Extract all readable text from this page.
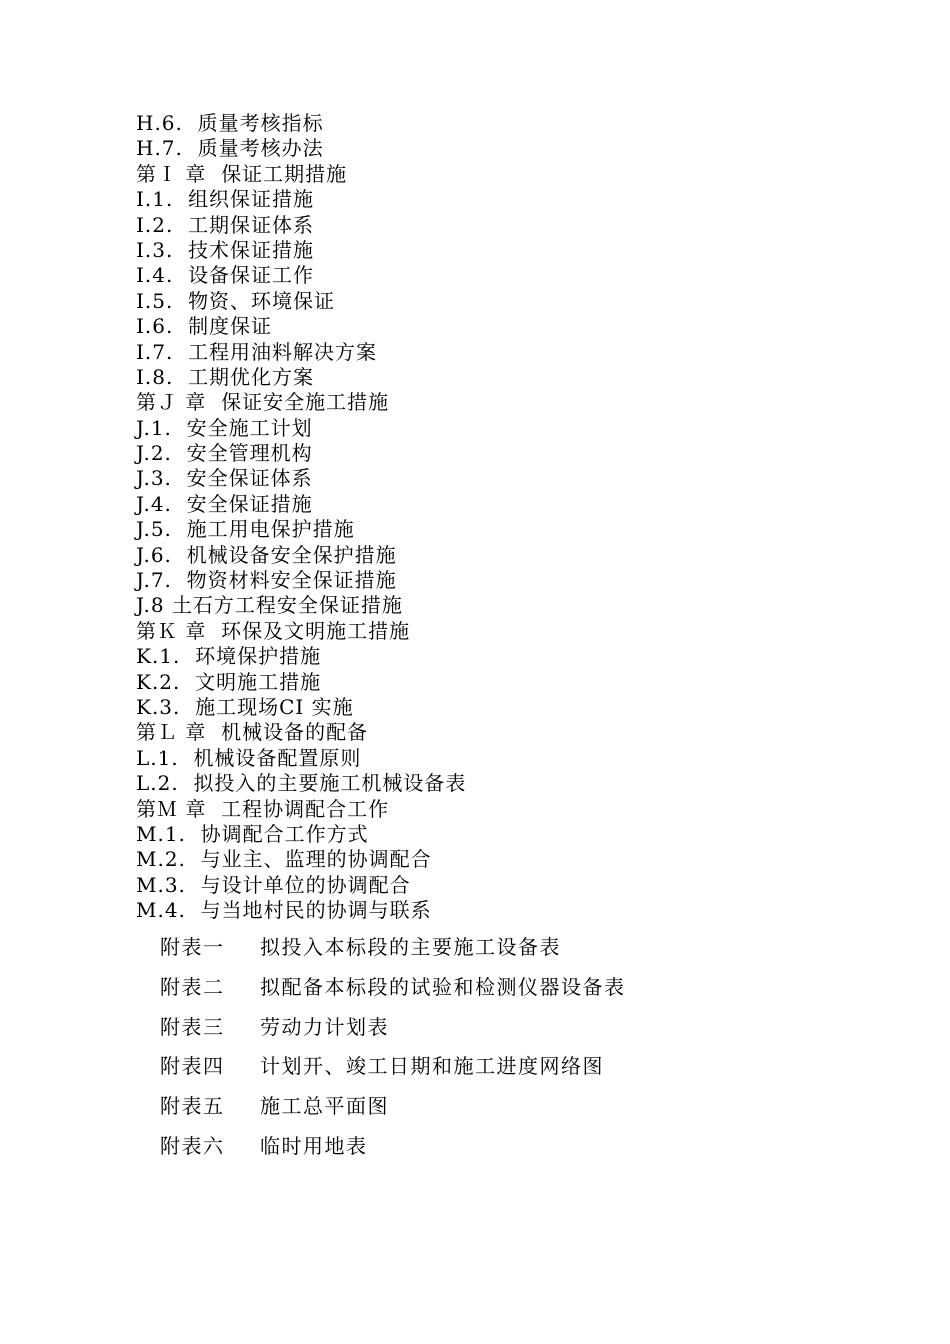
H.6.  质量考核指标
H.7.  质量考核办法
第Ｉ 章  保证工期措施
I.1.  组织保证措施
I.2.  工期保证体系
I.3.  技术保证措施
I.4.  设备保证工作
I.5.  物资、环境保证
I.6.  制度保证
I.7.  工程用油料解决方案
I.8.  工期优化方案
第Ｊ 章  保证安全施工措施
J.1.  安全施工计划
J.2.  安全管理机构
J.3.  安全保证体系
J.4.  安全保证措施
J.5.  施工用电保护措施
J.6.  机械设备安全保护措施
J.7.  物资材料安全保证措施
J.8 土石方工程安全保证措施
第Ｋ 章  环保及文明施工措施
K.1.  环境保护措施
K.2.  文明施工措施
K.3.  施工现场CI 实施
第Ｌ 章  机械设备的配备
L.1.  机械设备配置原则
L.2.  拟投入的主要施工机械设备表
第Ｍ 章  工程协调配合工作
M.1.  协调配合工作方式
M.2.  与业主、监理的协调配合
M.3.  与设计单位的协调配合
M.4.  与当地村民的协调与联系
附表一 拟投入本标段的主要施工设备表
附表二 拟配备本标段的试验和检测仪器设备表
附表三 劳动力计划表
附表四 计划开、竣工日期和施工进度网络图
附表五 施工总平面图
附表六 临时用地表
